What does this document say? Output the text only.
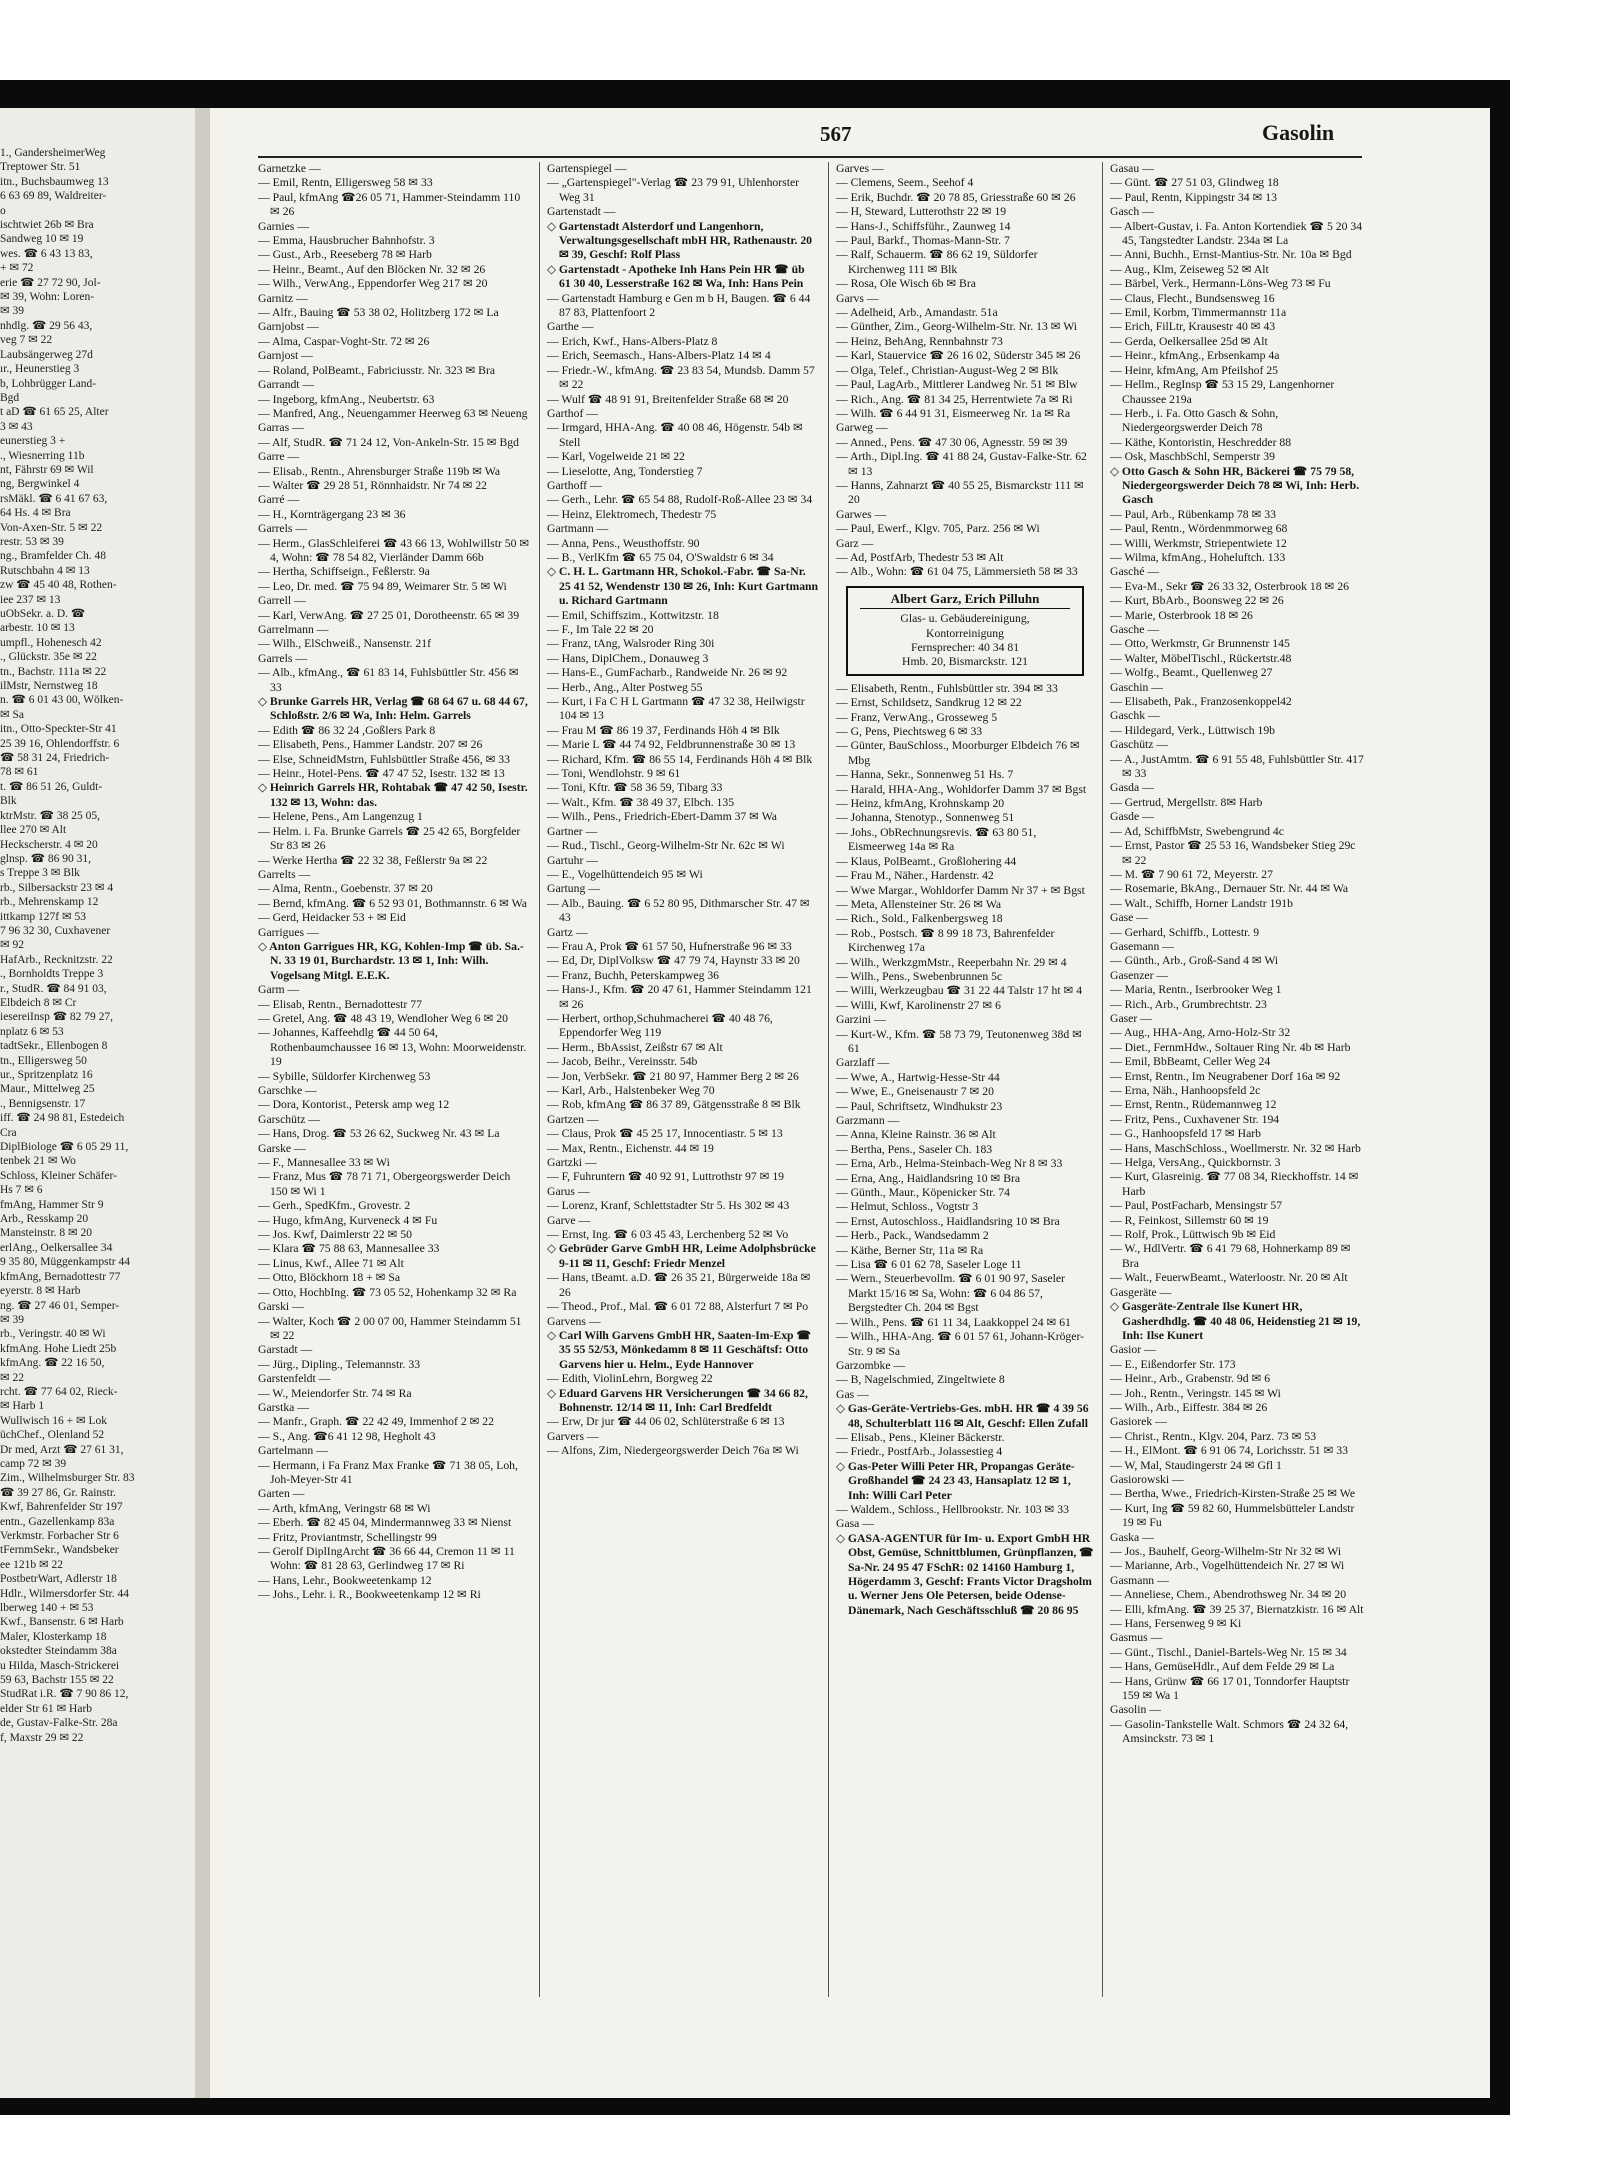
1., GandersheimerWeg

Treptower Str. 51

itn., Buchsbaumweg 13

6 63 69 89, Waldreiter-

o

ischtwiet 26b ✉ Bra

Sandweg 10 ✉ 19

wes. ☎ 6 43 13 83,

+ ✉ 72

erie ☎ 27 72 90, Jol-

✉ 39, Wohn: Loren-

✉ 39

nhdlg. ☎ 29 56 43,

veg 7 ✉ 22

Laubsängerweg 27d

ır., Heunerstieg 3

b, Lohbrügger Land-

Bgd

t aD ☎ 61 65 25, Alter

3 ✉ 43

eunerstieg 3 +

., Wiesnerring 11b

nt, Fährstr 69 ✉ Wil

ng, Bergwinkel 4

rsMäkl. ☎ 6 41 67 63,

64 Hs. 4 ✉ Bra

Von-Axen-Str. 5 ✉ 22

restr. 53 ✉ 39

ng., Bramfelder Ch. 48

Rutschbahn 4 ✉ 13

zw ☎ 45 40 48, Rothen-

iee 237 ✉ 13

uObSekr. a. D. ☎

arbestr. 10 ✉ 13

umpfl., Hohenesch 42

., Glückstr. 35e ✉ 22

tn., Bachstr. 111a ✉ 22

ilMstr, Nernstweg 18

n. ☎ 6 01 43 00, Wölken-

✉ Sa

itn., Otto-Speckter-Str 41

25 39 16, Ohlendorffstr. 6

☎ 58 31 24, Friedrich-

78 ✉ 61

t. ☎ 86 51 26, Guldt-

Blk

ktrMstr. ☎ 38 25 05,

llee 270 ✉ Alt

Heckscherstr. 4 ✉ 20

glnsp. ☎ 86 90 31,

s Treppe 3 ✉ Blk

rb., Silbersackstr 23 ✉ 4

rb., Mehrenskamp 12

ittkamp 127f ✉ 53

7 96 32 30, Cuxhavener

✉ 92

HafArb., Recknitzstr. 22

., Bornholdts Treppe 3

r., StudR. ☎ 84 91 03,

Elbdeich 8 ✉ Cr

iesereiInsp ☎ 82 79 27,

nplatz 6 ✉ 53

tadtSekr., Ellenbogen 8

tn., Elligersweg 50

ur., Spritzenplatz 16

Maur., Mittelweg 25

., Bennigsenstr. 17

iff. ☎ 24 98 81, Estedeich

Cra

DiplBiologe ☎ 6 05 29 11,

tenbek 21 ✉ Wo

Schloss, Kleiner Schäfer-

Hs 7 ✉ 6

fmAng, Hammer Str 9

Arb., Resskamp 20

Mansteinstr. 8 ✉ 20

erlAng., Oelkersallee 34

9 35 80, Müggenkampstr 44

kfmAng, Bernadottestr 77

eyerstr. 8 ✉ Harb

ng. ☎ 27 46 01, Semper-

✉ 39

rb., Veringstr. 40 ✉ Wi

kfmAng. Hohe Liedt 25b

kfmAng. ☎ 22 16 50,

✉ 22

rcht. ☎ 77 64 02, Rieck-

✉ Harb 1

Wullwisch 16 + ✉ Lok

üchChef., Olenland 52

Dr med, Arzt ☎ 27 61 31,

camp 72 ✉ 39

Zim., Wilhelmsburger Str. 83

☎ 39 27 86, Gr. Rainstr.

Kwf, Bahrenfelder Str 197

entn., Gazellenkamp 83a

Verkmstr. Forbacher Str 6

tFernmSekr., Wandsbeker

ee 121b ✉ 22

PostbetrWart, Adlerstr 18

Hdlr., Wilmersdorfer Str. 44

lberweg 140 + ✉ 53

Kwf., Bansenstr. 6 ✉ Harb

Maler, Klosterkamp 18

okstedter Steindamm 38a

u Hilda, Masch-Strickerei

59 63, Bachstr 155 ✉ 22

StudRat i.R. ☎ 7 90 86 12,

elder Str 61 ✉ Harb

de, Gustav-Falke-Str. 28a

f, Maxstr 29 ✉ 22

567	Gasolin

Garnetzke —

— Emil, Rentn, Elligersweg 58 ✉ 33

— Paul, kfmAng ☎26 05 71, Hammer-Steindamm 110 ✉ 26

Garnies —

— Emma, Hausbrucher Bahnhofstr. 3

— Gust., Arb., Reeseberg 78 ✉ Harb

— Heinr., Beamt., Auf den Blöcken Nr. 32 ✉ 26

— Wilh., VerwAng., Eppendorfer Weg 217 ✉ 20

Garnitz —

— Alfr., Bauing ☎ 53 38 02, Holitzberg 172 ✉ La

Garnjobst —

— Alma, Caspar-Voght-Str. 72 ✉ 26

Garnjost —

— Roland, PolBeamt., Fabriciusstr. Nr. 323 ✉ Bra

Garrandt —

— Ingeborg, kfmAng., Neubertstr. 63

— Manfred, Ang., Neuengammer Heerweg 63 ✉ Neueng

Garras —

— Alf, StudR. ☎ 71 24 12, Von-Ankeln-Str. 15 ✉ Bgd

Garre —

— Elisab., Rentn., Ahrensburger Straße 119b ✉ Wa

— Walter ☎ 29 28 51, Rönnhaidstr. Nr 74 ✉ 22

Garré —

— H., Kornträgergang 23 ✉ 36

Garrels —

— Herm., GlasSchleiferei ☎ 43 66 13, Wohlwillstr 50 ✉ 4, Wohn: ☎ 78 54 82, Vierländer Damm 66b

— Hertha, Schiffseign., Feßlerstr. 9a

— Leo, Dr. med. ☎ 75 94 89, Weimarer Str. 5 ✉ Wi

Garrell —

— Karl, VerwAng. ☎ 27 25 01, Dorotheenstr. 65 ✉ 39

Garrelmann —

— Wilh., ElSchweiß., Nansenstr. 21f

Garrels —

— Alb., kfmAng., ☎ 61 83 14, Fuhlsbüttler Str. 456 ✉ 33

◇ Brunke Garrels HR, Verlag ☎ 68 64 67 u. 68 44 67, Schloßstr. 2/6 ✉ Wa, Inh: Helm. Garrels

— Edith ☎ 86 32 24 ,Goßlers Park 8

— Elisabeth, Pens., Hammer Landstr. 207 ✉ 26

— Else, SchneidMstrn, Fuhlsbüttler Straße 456, ✉ 33

— Heinr., Hotel-Pens. ☎ 47 47 52, Isestr. 132 ✉ 13

◇ Heinrich Garrels HR, Rohtabak ☎ 47 42 50, Isestr. 132 ✉ 13, Wohn: das.

— Helene, Pens., Am Langenzug 1

— Helm. i. Fa. Brunke Garrels ☎ 25 42 65, Borgfelder Str 83 ✉ 26

— Werke Hertha ☎ 22 32 38, Feßlerstr 9a ✉ 22

Garrelts —

— Alma, Rentn., Goebenstr. 37 ✉ 20

— Bernd, kfmAng. ☎ 6 52 93 01, Bothmannstr. 6 ✉ Wa

— Gerd, Heidacker 53 + ✉ Eid

Garrigues —

◇ Anton Garrigues HR, KG, Kohlen-Imp ☎ üb. Sa.-N. 33 19 01, Burchardstr. 13 ✉ 1, Inh: Wilh. Vogelsang Mitgl. E.E.K.

Garm —

— Elisab, Rentn., Bernadottestr 77

— Gretel, Ang. ☎ 48 43 19, Wendloher Weg 6 ✉ 20

— Johannes, Kaffeehdlg ☎ 44 50 64, Rothenbaumchaussee 16 ✉ 13, Wohn: Moorweidenstr. 19

— Sybille, Süldorfer Kirchenweg 53

Garschke —

— Dora, Kontorist., Petersk amp weg 12

Garschütz —

— Hans, Drog. ☎ 53 26 62, Suckweg Nr. 43 ✉ La

Garske —

— F., Mannesallee 33 ✉ Wi

— Franz, Mus ☎ 78 71 71, Obergeorgswerder Deich 150 ✉ Wi 1

— Gerh., SpedKfm., Grovestr. 2

— Hugo, kfmAng, Kurveneck 4 ✉ Fu

— Jos. Kwf, Daimlerstr 22 ✉ 50

— Klara ☎ 75 88 63, Mannesallee 33

— Linus, Kwf., Allee 71 ✉ Alt

— Otto, Blöckhorn 18 + ✉ Sa

— Otto, HochbIng. ☎ 73 05 52, Hohenkamp 32 ✉ Ra

Garski —

— Walter, Koch ☎ 2 00 07 00, Hammer Steindamm 51 ✉ 22

Garstadt —

— Jürg., Dipling., Telemannstr. 33

Garstenfeldt —

— W., Meiendorfer Str. 74 ✉ Ra

Garstka —

— Manfr., Graph. ☎ 22 42 49, Immenhof 2 ✉ 22

— S., Ang. ☎6 41 12 98, Hegholt 43

Gartelmann —

— Hermann, i Fa Franz Max Franke ☎ 71 38 05, Loh, Joh-Meyer-Str 41

Garten —

— Arth, kfmAng, Veringstr 68 ✉ Wi

— Eberh. ☎ 82 45 04, Mindermannweg 33 ✉ Nienst

— Fritz, Proviantmstr, Schellingstr 99

— Gerolf DiplIngArcht ☎ 36 66 44, Cremon 11 ✉ 11 Wohn: ☎ 81 28 63, Gerlindweg 17 ✉ Ri

— Hans, Lehr., Bookweetenkamp 12

— Johs., Lehr. i. R., Bookweetenkamp 12 ✉ Ri

Gartenspiegel —

— „Gartenspiegel"-Verlag ☎ 23 79 91, Uhlenhorster Weg 31

Gartenstadt —

◇ Gartenstadt Alsterdorf und Langenhorn, Verwaltungsgesellschaft mbH HR, Rathenaustr. 20 ✉ 39, Geschf: Rolf Plass

◇ Gartenstadt - Apotheke Inh Hans Pein HR ☎ üb 61 30 40, Lesserstraße 162 ✉ Wa, Inh: Hans Pein

— Gartenstadt Hamburg e Gen m b H, Baugen. ☎ 6 44 87 83, Plattenfoort 2

Garthe —

— Erich, Kwf., Hans-Albers-Platz 8

— Erich, Seemasch., Hans-Albers-Platz 14 ✉ 4

— Friedr.-W., kfmAng. ☎ 23 83 54, Mundsb. Damm 57 ✉ 22

— Wulf ☎ 48 91 91, Breitenfelder Straße 68 ✉ 20

Garthof —

— Irmgard, HHA-Ang. ☎ 40 08 46, Högenstr. 54b ✉ Stell

— Karl, Vogelweide 21 ✉ 22

— Lieselotte, Ang, Tonderstieg 7

Garthoff —

— Gerh., Lehr. ☎ 65 54 88, Rudolf-Roß-Allee 23 ✉ 34

— Heinz, Elektromech, Thedestr 75

Gartmann —

— Anna, Pens., Weusthoffstr. 90

— B., VerlKfm ☎ 65 75 04, O'Swaldstr 6 ✉ 34

◇ C. H. L. Gartmann HR, Schokol.-Fabr. ☎ Sa-Nr. 25 41 52, Wendenstr 130 ✉ 26, Inh: Kurt Gartmann u. Richard Gartmann

— Emil, Schiffszim., Kottwitzstr. 18

— F., Im Tale 22 ✉ 20

— Franz, tAng, Walsroder Ring 30i

— Hans, DiplChem., Donauweg 3

— Hans-E., GumFacharb., Randweide Nr. 26 ✉ 92

— Herb., Ang., Alter Postweg 55

— Kurt, i Fa C H L Gartmann ☎ 47 32 38, Heilwigstr 104 ✉ 13

— Frau M ☎ 86 19 37, Ferdinands Höh 4 ✉ Blk

— Marie L ☎ 44 74 92, Feldbrunnenstraße 30 ✉ 13

— Richard, Kfm. ☎ 86 55 14, Ferdinands Höh 4 ✉ Blk

— Toni, Wendlohstr. 9 ✉ 61

— Toni, Kftr. ☎ 58 36 59, Tibarg 33

— Walt., Kfm. ☎ 38 49 37, Elbch. 135

— Wilh., Pens., Friedrich-Ebert-Damm 37 ✉ Wa

Gartner —

— Rud., Tischl., Georg-Wilhelm-Str Nr. 62c ✉ Wi

Gartuhr —

— E., Vogelhüttendeich 95 ✉ Wi

Gartung —

— Alb., Bauing. ☎ 6 52 80 95, Dithmarscher Str. 47 ✉ 43

Gartz —

— Frau A, Prok ☎ 61 57 50, Hufnerstraße 96 ✉ 33

— Ed, Dr, DiplVolksw ☎ 47 79 74, Haynstr 33 ✉ 20

— Franz, Buchh, Peterskampweg 36

— Hans-J., Kfm. ☎ 20 47 61, Hammer Steindamm 121 ✉ 26

— Herbert, orthop,Schuhmacherei ☎ 40 48 76, Eppendorfer Weg 119

— Herm., BbAssist, Zeißstr 67 ✉ Alt

— Jacob, Beihr., Vereinsstr. 54b

— Jon, VerbSekr. ☎ 21 80 97, Hammer Berg 2 ✉ 26

— Karl, Arb., Halstenbeker Weg 70

— Rob, kfmAng ☎ 86 37 89, Gätgensstraße 8 ✉ Blk

Gartzen —

— Claus, Prok ☎ 45 25 17, Innocentiastr. 5 ✉ 13

— Max, Rentn., Eichenstr. 44 ✉ 19

Gartzki —

— F, Fuhruntern ☎ 40 92 91, Luttrothstr 97 ✉ 19

Garus —

— Lorenz, Kranf, Schlettstadter Str 5. Hs 302 ✉ 43

Garve —

— Ernst, Ing. ☎ 6 03 45 43, Lerchenberg 52 ✉ Vo

◇ Gebrüder Garve GmbH HR, Leime Adolphsbrücke 9-11 ✉ 11, Geschf: Friedr Menzel

— Hans, tBeamt. a.D. ☎ 26 35 21, Bürgerweide 18a ✉ 26

— Theod., Prof., Mal. ☎ 6 01 72 88, Alsterfurt 7 ✉ Po

Garvens —

◇ Carl Wilh Garvens GmbH HR, Saaten-Im-Exp ☎ 35 55 52/53, Mönkedamm 8 ✉ 11 Geschäftsf: Otto Garvens hier u. Helm., Eyde Hannover

— Edith, ViolinLehrn, Borgweg 22

◇ Eduard Garvens HR Versicherungen ☎ 34 66 82, Bohnenstr. 12/14 ✉ 11, Inh: Carl Bredfeldt

— Erw, Dr jur ☎ 44 06 02, Schlüterstraße 6 ✉ 13

Garvers —

— Alfons, Zim, Niedergeorgswerder Deich 76a ✉ Wi

Garves —

— Clemens, Seem., Seehof 4

— Erik, Buchdr. ☎ 20 78 85, Griesstraße 60 ✉ 26

— H, Steward, Lutterothstr 22 ✉ 19

— Hans-J., Schiffsführ., Zaunweg 14

— Paul, Barkf., Thomas-Mann-Str. 7

— Ralf, Schauerm. ☎ 86 62 19, Süldorfer Kirchenweg 111 ✉ Blk

— Rosa, Ole Wisch 6b ✉ Bra

Garvs —

— Adelheid, Arb., Amandastr. 51a

— Günther, Zim., Georg-Wilhelm-Str. Nr. 13 ✉ Wi

— Heinz, BehAng, Rennbahnstr 73

— Karl, Stauervice ☎ 26 16 02, Süderstr 345 ✉ 26

— Olga, Telef., Christian-August-Weg 2 ✉ Blk

— Paul, LagArb., Mittlerer Landweg Nr. 51 ✉ Blw

— Rich., Ang. ☎ 81 34 25, Herrentwiete 7a ✉ Ri

— Wilh. ☎ 6 44 91 31, Eismeerweg Nr. 1a ✉ Ra

Garweg —

— Anned., Pens. ☎ 47 30 06, Agnesstr. 59 ✉ 39

— Arth., Dipl.Ing. ☎ 41 88 24, Gustav-Falke-Str. 62 ✉ 13

— Hanns, Zahnarzt ☎ 40 55 25, Bismarckstr 111 ✉ 20

Garwes —

— Paul, Ewerf., Klgv. 705, Parz. 256 ✉ Wi

Garz —

— Ad, PostfArb, Thedestr 53 ✉ Alt

— Alb., Wohn: ☎ 61 04 75, Lämmersieth 58 ✉ 33

Albert Garz, Erich Pilluhn
Glas- u. Gebäudereinigung,
Kontorreinigung
Fernsprecher: 40 34 81
Hmb. 20, Bismarckstr. 121

— Elisabeth, Rentn., Fuhlsbüttler str. 394 ✉ 33

— Ernst, Schildsetz, Sandkrug 12 ✉ 22

— Franz, VerwAng., Grosseweg 5

— G, Pens, Piechtsweg 6 ✉ 33

— Günter, BauSchloss., Moorburger Elbdeich 76 ✉ Mbg

— Hanna, Sekr., Sonnenweg 51 Hs. 7

— Harald, HHA-Ang., Wohldorfer Damm 37 ✉ Bgst

— Heinz, kfmAng, Krohnskamp 20

— Johanna, Stenotyp., Sonnenweg 51

— Johs., ObRechnungsrevis. ☎ 63 80 51, Eismeerweg 14a ✉ Ra

— Klaus, PolBeamt., Großlohering 44

— Frau M., Näher., Hardenstr. 42

— Wwe Margar., Wohldorfer Damm Nr 37 + ✉ Bgst

— Meta, Allensteiner Str. 26 ✉ Wa

— Rich., Sold., Falkenbergsweg 18

— Rob., Postsch. ☎ 8 99 18 73, Bahrenfelder Kirchenweg 17a

— Wilh., WerkzgmMstr., Reeperbahn Nr. 29 ✉ 4

— Wilh., Pens., Swebenbrunnen 5c

— Willi, Werkzeugbau ☎ 31 22 44 Talstr 17 ht ✉ 4

— Willi, Kwf, Karolinenstr 27 ✉ 6

Garzini —

— Kurt-W., Kfm. ☎ 58 73 79, Teutonenweg 38d ✉ 61

Garzlaff —

— Wwe, A., Hartwig-Hesse-Str 44

— Wwe, E., Gneisenaustr 7 ✉ 20

— Paul, Schriftsetz, Windhukstr 23

Garzmann —

— Anna, Kleine Rainstr. 36 ✉ Alt

— Bertha, Pens., Saseler Ch. 183

— Erna, Arb., Helma-Steinbach-Weg Nr 8 ✉ 33

— Erna, Ang., Haidlandsring 10 ✉ Bra

— Günth., Maur., Köpenicker Str. 74

— Helmut, Schloss., Vogtstr 3

— Ernst, Autoschloss., Haidlandsring 10 ✉ Bra

— Herb., Pack., Wandsedamm 2

— Käthe, Berner Str, 11a ✉ Ra

— Lisa ☎ 6 01 62 78, Saseler Loge 11

— Wern., Steuerbevollm. ☎ 6 01 90 97, Saseler Markt 15/16 ✉ Sa, Wohn: ☎ 6 04 86 57, Bergstedter Ch. 204 ✉ Bgst

— Wilh., Pens. ☎ 61 11 34, Laakkoppel 24 ✉ 61

— Wilh., HHA-Ang. ☎ 6 01 57 61, Johann-Kröger-Str. 9 ✉ Sa

Garzombke —

— B, Nagelschmied, Zingeltwiete 8

Gas —

◇ Gas-Geräte-Vertriebs-Ges. mbH. HR ☎ 4 39 56 48, Schulterblatt 116 ✉ Alt, Geschf: Ellen Zufall

— Elisab., Pens., Kleiner Bäckerstr.

— Friedr., PostfArb., Jolassestieg 4

◇ Gas-Peter Willi Peter HR, Propangas Geräte-Großhandel ☎ 24 23 43, Hansaplatz 12 ✉ 1, Inh: Willi Carl Peter

— Waldem., Schloss., Hellbrookstr. Nr. 103 ✉ 33

Gasa —

◇ GASA-AGENTUR für Im- u. Export GmbH HR Obst, Gemüse, Schnittblumen, Grünpflanzen, ☎ Sa-Nr. 24 95 47 FSchR: 02 14160 Hamburg 1, Högerdamm 3, Geschf: Frants Victor Dragsholm u. Werner Jens Ole Petersen, beide Odense-Dänemark, Nach Geschäftsschluß ☎ 20 86 95

Gasau —

— Günt. ☎ 27 51 03, Glindweg 18

— Paul, Rentn, Kippingstr 34 ✉ 13

Gasch —

— Albert-Gustav, i. Fa. Anton Kortendiek ☎ 5 20 34 45, Tangstedter Landstr. 234a ✉ La

— Anni, Buchh., Ernst-Mantius-Str. Nr. 10a ✉ Bgd

— Aug., Klm, Zeiseweg 52 ✉ Alt

— Bärbel, Verk., Hermann-Löns-Weg 73 ✉ Fu

— Claus, Flecht., Bundsensweg 16

— Emil, Korbm, Timmermannstr 11a

— Erich, FilLtr, Krausestr 40 ✉ 43

— Gerda, Oelkersallee 25d ✉ Alt

— Heinr., kfmAng., Erbsenkamp 4a

— Heinr, kfmAng, Am Pfeilshof 25

— Hellm., RegInsp ☎ 53 15 29, Langenhorner Chaussee 219a

— Herb., i. Fa. Otto Gasch & Sohn, Niedergeorgswerder Deich 78

— Käthe, Kontoristin, Heschredder 88

— Osk, MaschbSchl, Semperstr 39

◇ Otto Gasch & Sohn HR, Bäckerei ☎ 75 79 58, Niedergeorgswerder Deich 78 ✉ Wi, Inh: Herb. Gasch

— Paul, Arb., Rübenkamp 78 ✉ 33

— Paul, Rentn., Wördenmmorweg 68

— Willi, Werkmstr, Striepentwiete 12

— Wilma, kfmAng., Hoheluftch. 133

Gasché —

— Eva-M., Sekr ☎ 26 33 32, Osterbrook 18 ✉ 26

— Kurt, BbArb., Boonsweg 22 ✉ 26

— Marie, Osterbrook 18 ✉ 26

Gasche —

— Otto, Werkmstr, Gr Brunnenstr 145

— Walter, MöbelTischl., Rückertstr.48

— Wolfg., Beamt., Quellenweg 27

Gaschin —

— Elisabeth, Pak., Franzosenkoppel42

Gaschk —

— Hildegard, Verk., Lüttwisch 19b

Gaschütz —

— A., JustAmtm. ☎ 6 91 55 48, Fuhlsbüttler Str. 417 ✉ 33

Gasda —

— Gertrud, Mergellstr. 8✉ Harb

Gasde —

— Ad, SchiffbMstr, Swebengrund 4c

— Ernst, Pastor ☎ 25 53 16, Wandsbeker Stieg 29c ✉ 22

— M. ☎ 7 90 61 72, Meyerstr. 27

— Rosemarie, BkAng., Dernauer Str. Nr. 44 ✉ Wa

— Walt., Schiffb, Horner Landstr 191b

Gase —

— Gerhard, Schiffb., Lottestr. 9

Gasemann —

— Günth., Arb., Groß-Sand 4 ✉ Wi

Gasenzer —

— Maria, Rentn., Iserbrooker Weg 1

— Rich., Arb., Grumbrechtstr. 23

Gaser —

— Aug., HHA-Ang, Arno-Holz-Str 32

— Diet., FernmHdw., Soltauer Ring Nr. 4b ✉ Harb

— Emil, BbBeamt, Celler Weg 24

— Ernst, Rentn., Im Neugrabener Dorf 16a ✉ 92

— Erna, Näh., Hanhoopsfeld 2c

— Ernst, Rentn., Rüdemannweg 12

— Fritz, Pens., Cuxhavener Str. 194

— G., Hanhoopsfeld 17 ✉ Harb

— Hans, MaschSchloss., Woellmerstr. Nr. 32 ✉ Harb

— Helga, VersAng., Quickbornstr. 3

— Kurt, Glasreinig. ☎ 77 08 34, Rieckhoffstr. 14 ✉ Harb

— Paul, PostFacharb, Mensingstr 57

— R, Feinkost, Sillemstr 60 ✉ 19

— Rolf, Prok., Lüttwisch 9b ✉ Eid

— W., HdlVertr. ☎ 6 41 79 68, Hohnerkamp 89 ✉ Bra

— Walt., FeuerwBeamt., Waterloostr. Nr. 20 ✉ Alt

Gasgeräte —

◇ Gasgeräte-Zentrale Ilse Kunert HR, Gasherdhdlg. ☎ 40 48 06, Heidenstieg 21 ✉ 19, Inh: Ilse Kunert

Gasior —

— E., Eißendorfer Str. 173

— Heinr., Arb., Grabenstr. 9d ✉ 6

— Joh., Rentn., Veringstr. 145 ✉ Wi

— Wilh., Arb., Eiffestr. 384 ✉ 26

Gasiorek —

— Christ., Rentn., Klgv. 204, Parz. 73 ✉ 53

— H., ElMont. ☎ 6 91 06 74, Lorichsstr. 51 ✉ 33

— W, Mal, Staudingerstr 24 ✉ Gfl 1

Gasiorowski —

— Bertha, Wwe., Friedrich-Kirsten-Straße 25 ✉ We

— Kurt, Ing ☎ 59 82 60, Hummelsbütteler Landstr 19 ✉ Fu

Gaska —

— Jos., Bauhelf, Georg-Wilhelm-Str Nr 32 ✉ Wi

— Marianne, Arb., Vogelhüttendeich Nr. 27 ✉ Wi

Gasmann —

— Anneliese, Chem., Abendrothsweg Nr. 34 ✉ 20

— Elli, kfmAng. ☎ 39 25 37, Biernatzkistr. 16 ✉ Alt

— Hans, Fersenweg 9 ✉ Ki

Gasmus —

— Günt., Tischl., Daniel-Bartels-Weg Nr. 15 ✉ 34

— Hans, GemüseHdlr., Auf dem Felde 29 ✉ La

— Hans, Grünw ☎ 66 17 01, Tonndorfer Hauptstr 159 ✉ Wa 1

Gasolin —

— Gasolin-Tankstelle Walt. Schmors ☎ 24 32 64, Amsinckstr. 73 ✉ 1
